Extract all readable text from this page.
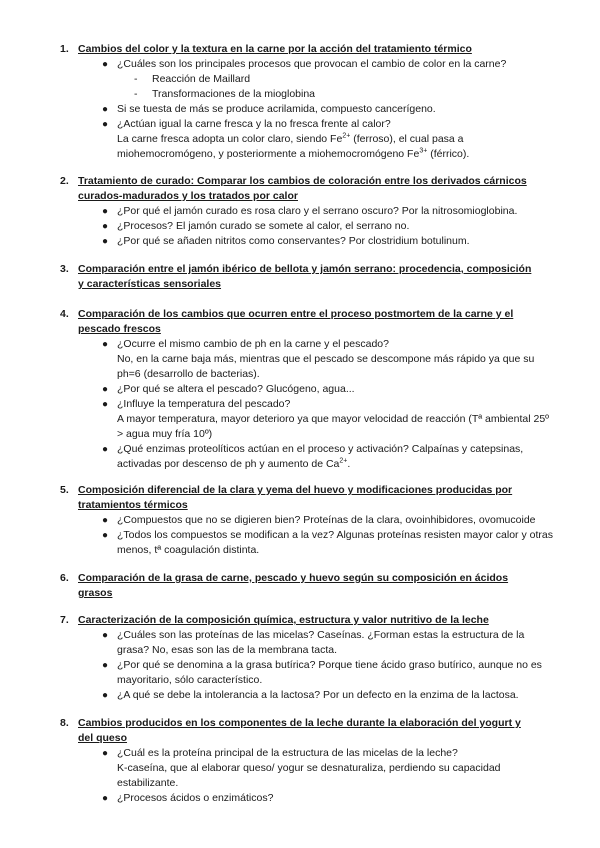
1. Cambios del color y la textura en la carne por la acción del tratamiento térmico
● ¿Cuáles son los principales procesos que provocan el cambio de color en la carne?
- Reacción de Maillard
- Transformaciones de la mioglobina
● Si se tuesta de más se produce acrilamida, compuesto cancerígeno.
● ¿Actúan igual la carne fresca y la no fresca frente al calor?
La carne fresca adopta un color claro, siendo $Fe^{2+}$ (ferroso), el cual pasa a
miohemocromógeno, y posteriormente a miohemocromógeno $Fe^{3+}$ (férrico).
2. Tratamiento de curado: Comparar los cambios de coloración entre los derivados cárnicos curados-madurados y los tratados por calor
● ¿Por qué el jamón curado es rosa claro y el serrano oscuro? Por la nitrosomioglobina.
● ¿Procesos? El jamón curado se somete al calor, el serrano no.
● ¿Por qué se añaden nitritos como conservantes? Por clostridium botulinum.
3. Comparación entre el jamón ibérico de bellota y jamón serrano: procedencia, composición y características sensoriales
4. Comparación de los cambios que ocurren entre el proceso postmortem de la carne y el pescado frescos
● ¿Ocurre el mismo cambio de ph en la carne y el pescado?
No, en la carne baja más, mientras que el pescado se descompone más rápido ya que su ph=6 (desarrollo de bacterias).
● ¿Por qué se altera el pescado? Glucógeno, agua...
● ¿Influye la temperatura del pescado?
A mayor temperatura, mayor deterioro ya que mayor velocidad de reacción (Tª ambiental 25º > agua muy fría 10º)
● ¿Qué enzimas proteolíticos actúan en el proceso y activación? Calpaínas y catepsinas, activadas por descenso de ph y aumento de $Ca^{2+}$.
5. Composición diferencial de la clara y yema del huevo y modificaciones producidas por tratamientos térmicos
● ¿Compuestos que no se digieren bien? Proteínas de la clara, ovoinhibidores, ovomucoide
● ¿Todos los compuestos se modifican a la vez? Algunas proteínas resisten mayor calor y otras menos, tª coagulación distinta.
6. Comparación de la grasa de carne, pescado y huevo según su composición en ácidos grasos
7. Caracterización de la composición química, estructura y valor nutritivo de la leche
● ¿Cuáles son las proteínas de las micelas? Caseínas. ¿Forman estas la estructura de la grasa? No, esas son las de la membrana tacta.
● ¿Por qué se denomina a la grasa butírica? Porque tiene ácido graso butírico, aunque no es mayoritario, sólo característico.
● ¿A qué se debe la intolerancia a la lactosa? Por un defecto en la enzima de la lactosa.
8. Cambios producidos en los componentes de la leche durante la elaboración del yogurt y del queso
● ¿Cuál es la proteína principal de la estructura de las micelas de la leche?
K-caseína, que al elaborar queso/ yogur se desnaturaliza, perdiendo su capacidad estabilizante.
● ¿Procesos ácidos o enzimáticos?
